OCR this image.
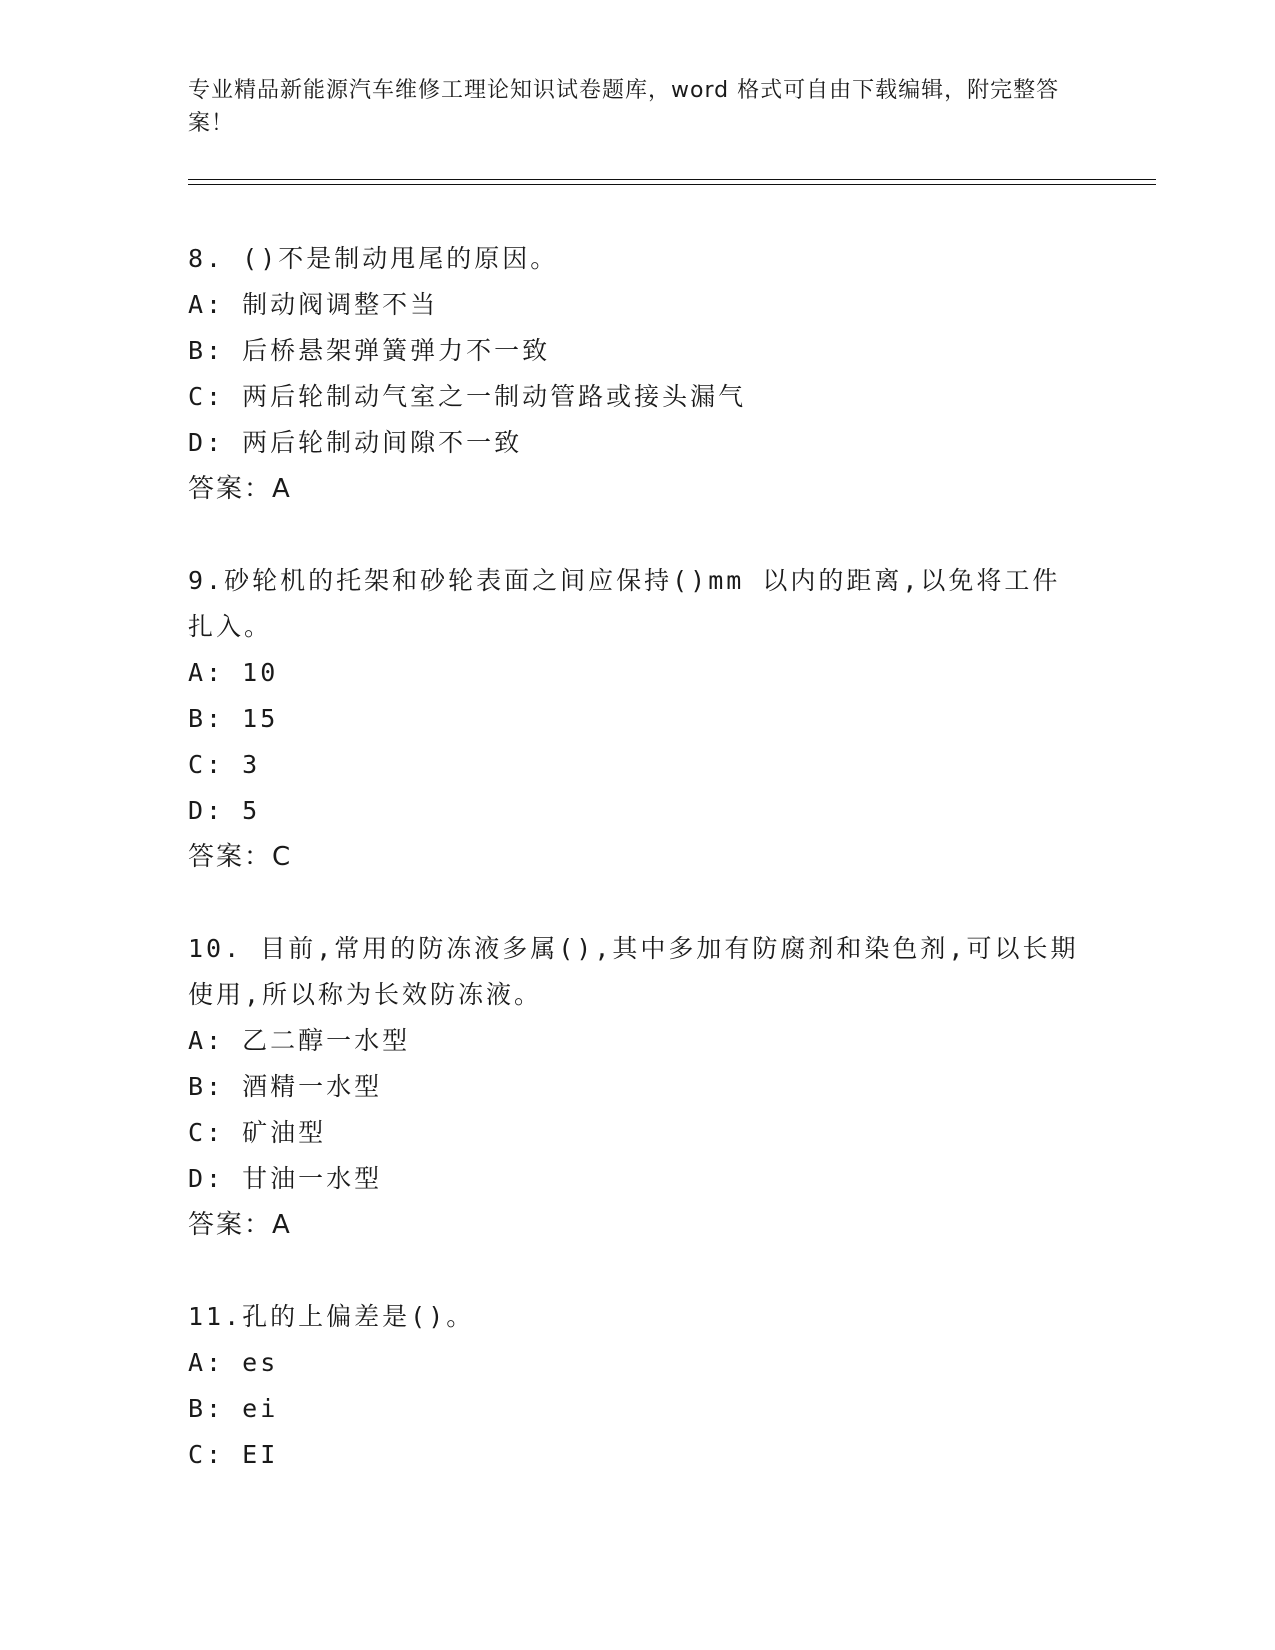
专业精品新能源汽车维修工理论知识试卷题库，word 格式可自由下载编辑，附完整答案！
8. ()不是制动甩尾的原因。
A: 制动阀调整不当
B: 后桥悬架弹簧弹力不一致
C: 两后轮制动气室之一制动管路或接头漏气
D: 两后轮制动间隙不一致
答案：A
9.砂轮机的托架和砂轮表面之间应保持()mm 以内的距离,以免将工件
扎入。
A: 10
B: 15
C: 3
D: 5
答案：C
10. 目前,常用的防冻液多属(),其中多加有防腐剂和染色剂,可以长期
使用,所以称为长效防冻液。
A: 乙二醇一水型
B: 酒精一水型
C: 矿油型
D: 甘油一水型
答案：A
11.孔的上偏差是()。
A: es
B: ei
C: EI
